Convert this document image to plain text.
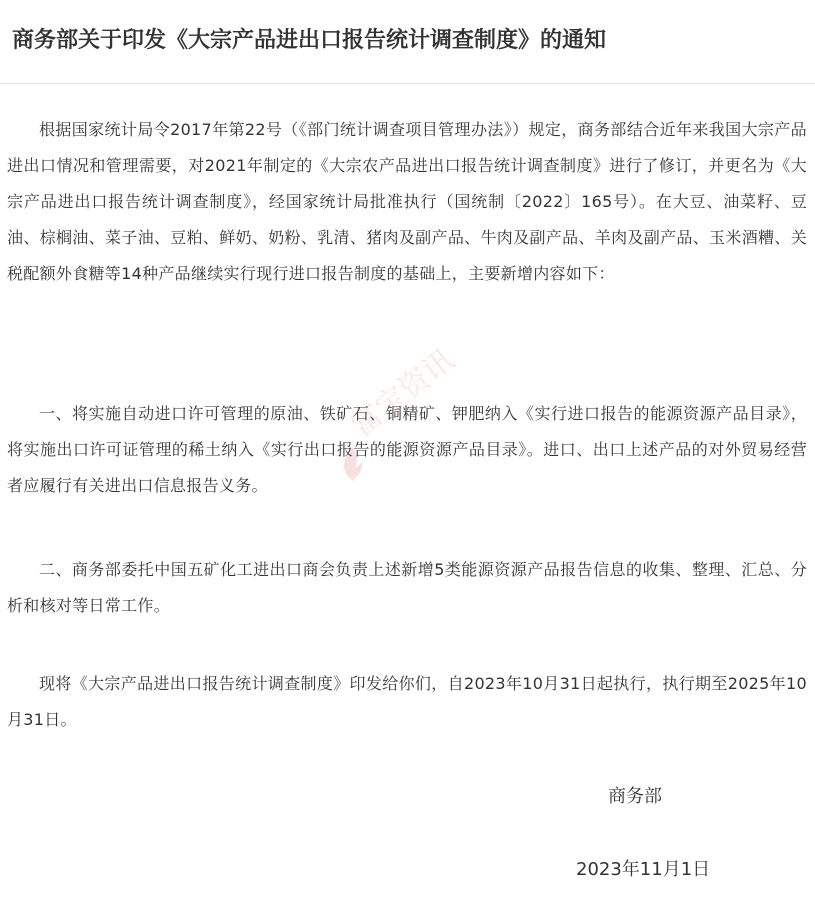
商务部关于印发《大宗产品进出口报告统计调查制度》的通知

根据国家统计局令2017年第22号（《部门统计调查项目管理办法》）规定，商务部结合近年来我国大宗产品进出口情况和管理需要，对2021年制定的《大宗农产品进出口报告统计调查制度》进行了修订，并更名为《大宗产品进出口报告统计调查制度》，经国家统计局批准执行（国统制〔2022〕165号）。在大豆、油菜籽、豆油、棕榈油、菜子油、豆粕、鲜奶、奶粉、乳清、猪肉及副产品、牛肉及副产品、羊肉及副产品、玉米酒糟、关税配额外食糖等14种产品继续实行现行进口报告制度的基础上，主要新增内容如下：

一、将实施自动进口许可管理的原油、铁矿石、铜精矿、钾肥纳入《实行进口报告的能源资源产品目录》，将实施出口许可证管理的稀土纳入《实行出口报告的能源资源产品目录》。进口、出口上述产品的对外贸易经营者应履行有关进出口信息报告义务。

二、商务部委托中国五矿化工进出口商会负责上述新增5类能源资源产品报告信息的收集、整理、汇总、分析和核对等日常工作。

现将《大宗产品进出口报告统计调查制度》印发给你们，自2023年10月31日起执行，执行期至2025年10月31日。

商务部
2023年11月1日
富宝资讯
